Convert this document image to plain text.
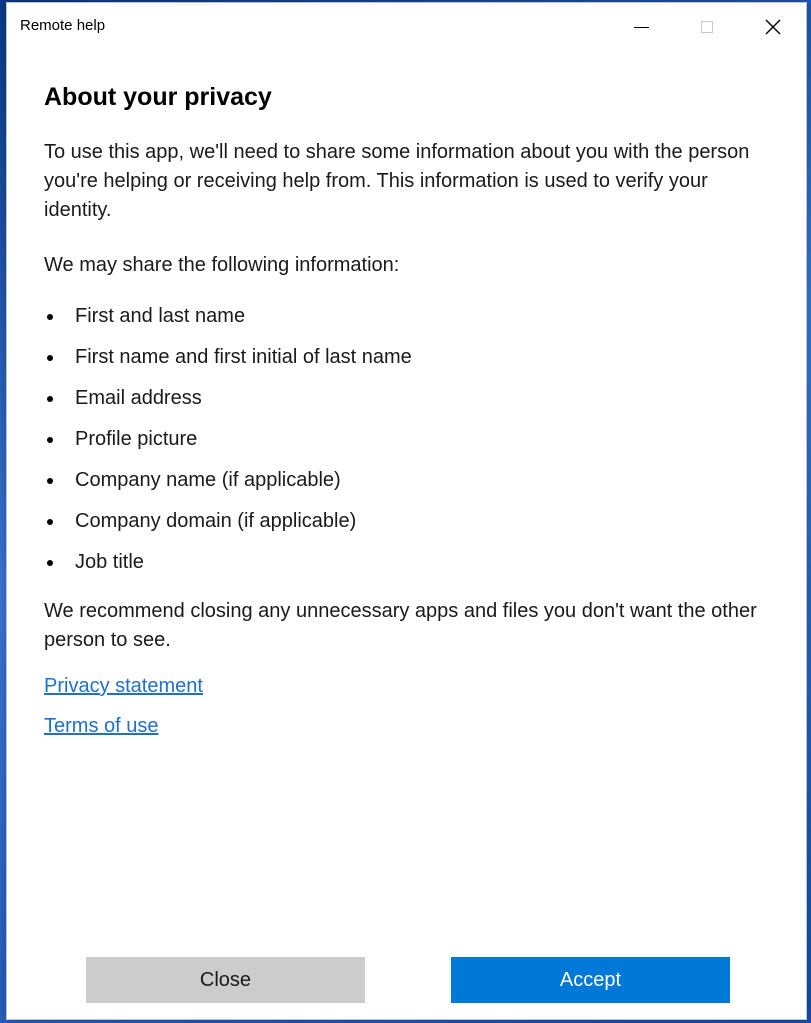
Remote help
About your privacy

To use this app, we'll need to share some information about you with the person you're helping or receiving help from. This information is used to verify your identity.

We may share the following information:

First and last name
First name and first initial of last name
Email address
Profile picture
Company name (if applicable)
Company domain (if applicable)
Job title

We recommend closing any unnecessary apps and files you don't want the other person to see.

Privacy statement
Terms of use
Close	Accept
